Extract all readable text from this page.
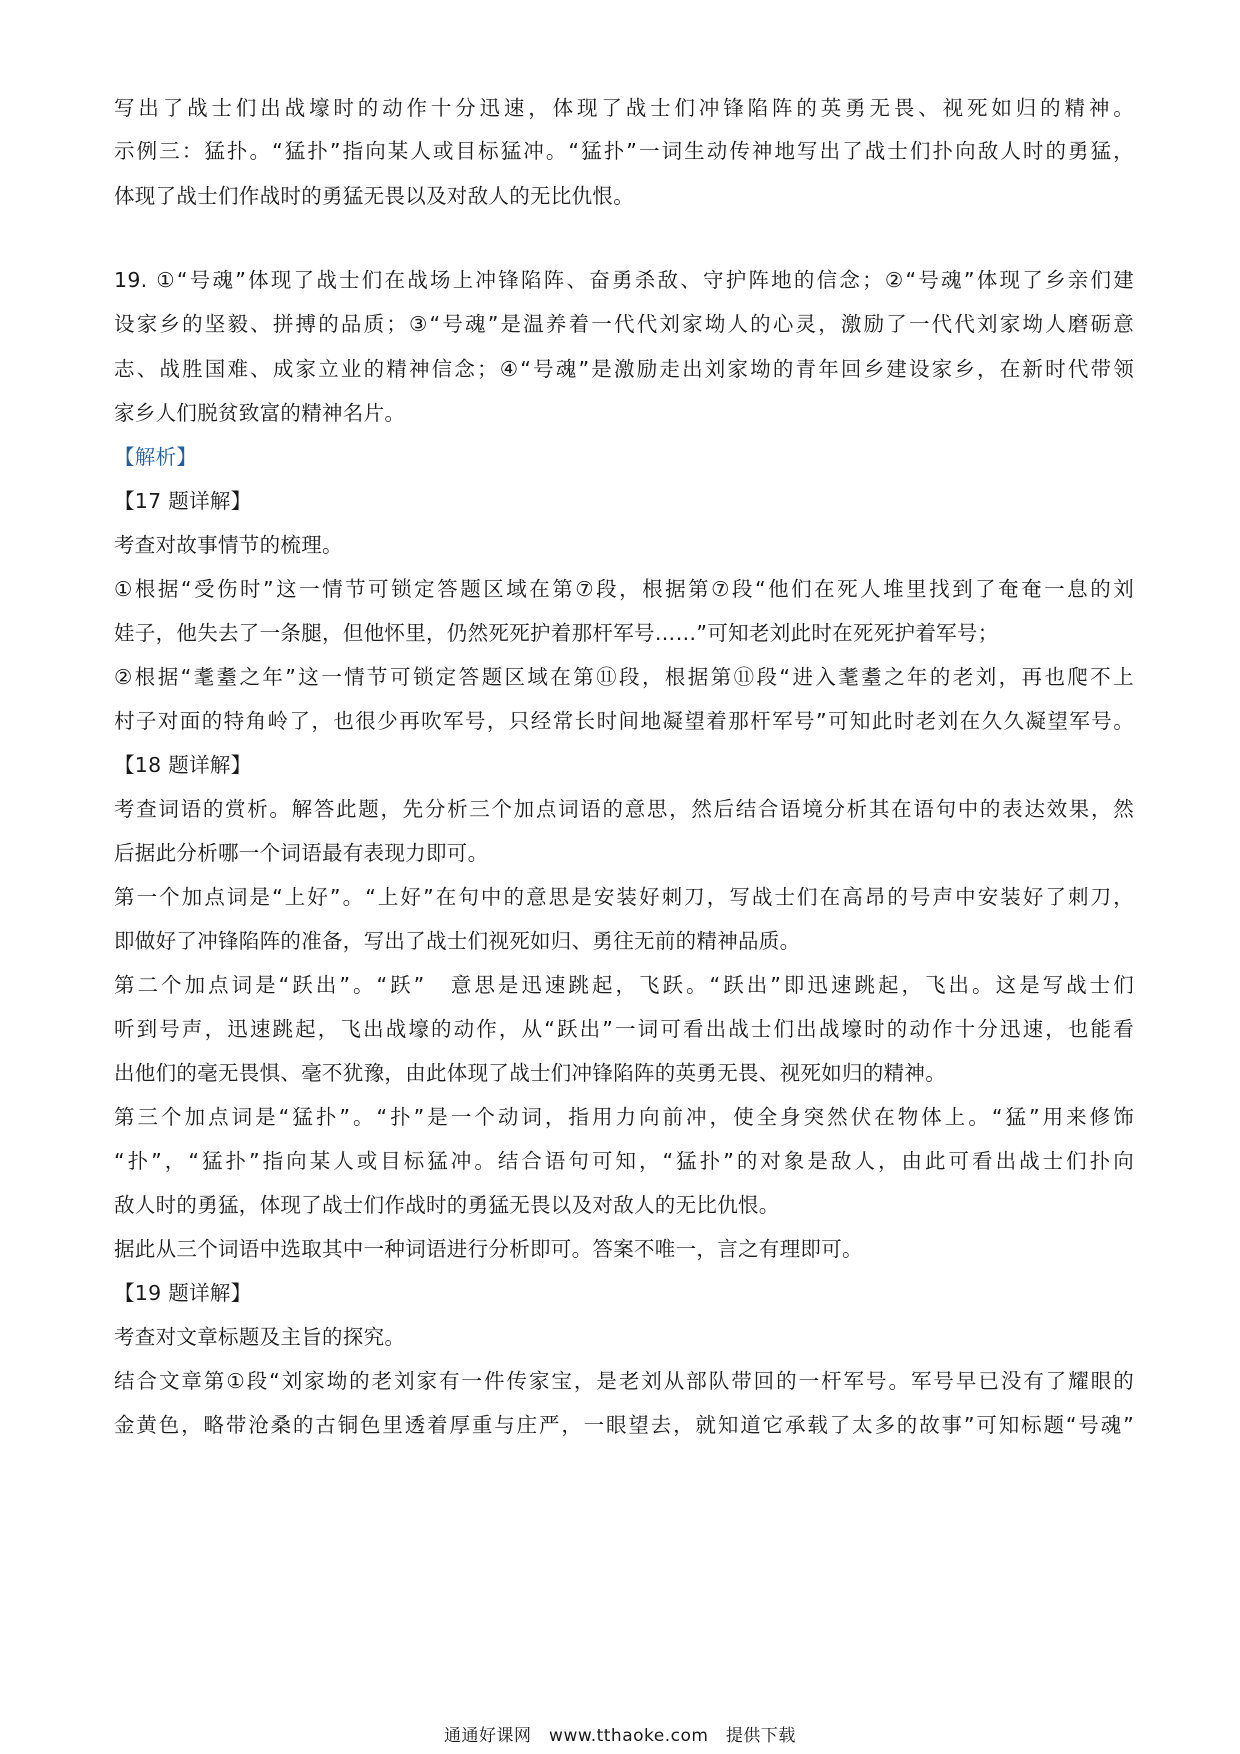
写出了战士们出战壕时的动作十分迅速，体现了战士们冲锋陷阵的英勇无畏、视死如归的精神。
示例三：猛扑。“猛扑”指向某人或目标猛冲。“猛扑”一词生动传神地写出了战士们扑向敌人时的勇猛，
体现了战士们作战时的勇猛无畏以及对敌人的无比仇恨。
19. ①“号魂”体现了战士们在战场上冲锋陷阵、奋勇杀敌、守护阵地的信念；②“号魂”体现了乡亲们建
设家乡的坚毅、拼搏的品质；③“号魂”是温养着一代代刘家坳人的心灵，激励了一代代刘家坳人磨砺意
志、战胜国难、成家立业的精神信念；④“号魂”是激励走出刘家坳的青年回乡建设家乡，在新时代带领
家乡人们脱贫致富的精神名片。
【解析】
【17 题详解】
考查对故事情节的梳理。
①根据“受伤时”这一情节可锁定答题区域在第⑦段，根据第⑦段“他们在死人堆里找到了奄奄一息的刘
娃子，他失去了一条腿，但他怀里，仍然死死护着那杆军号……”可知老刘此时在死死护着军号；
②根据“耄耋之年”这一情节可锁定答题区域在第⑪段，根据第⑪段“进入耄耋之年的老刘，再也爬不上
村子对面的特角岭了，也很少再吹军号，只经常长时间地凝望着那杆军号”可知此时老刘在久久凝望军号。
【18 题详解】
考查词语的赏析。解答此题，先分析三个加点词语的意思，然后结合语境分析其在语句中的表达效果，然
后据此分析哪一个词语最有表现力即可。
第一个加点词是“上好”。“上好”在句中的意思是安装好刺刀，写战士们在高昂的号声中安装好了刺刀，
即做好了冲锋陷阵的准备，写出了战士们视死如归、勇往无前的精神品质。
第二个加点词是“跃出”。“跃”　意思是迅速跳起，飞跃。“跃出”即迅速跳起，飞出。这是写战士们
听到号声，迅速跳起，飞出战壕的动作，从“跃出”一词可看出战士们出战壕时的动作十分迅速，也能看
出他们的毫无畏惧、毫不犹豫，由此体现了战士们冲锋陷阵的英勇无畏、视死如归的精神。
第三个加点词是“猛扑”。“扑”是一个动词，指用力向前冲，使全身突然伏在物体上。“猛”用来修饰
“扑”，“猛扑”指向某人或目标猛冲。结合语句可知，“猛扑”的对象是敌人，由此可看出战士们扑向
敌人时的勇猛，体现了战士们作战时的勇猛无畏以及对敌人的无比仇恨。
据此从三个词语中选取其中一种词语进行分析即可。答案不唯一，言之有理即可。
【19 题详解】
考查对文章标题及主旨的探究。
结合文章第①段“刘家坳的老刘家有一件传家宝，是老刘从部队带回的一杆军号。军号早已没有了耀眼的
金黄色，略带沧桑的古铜色里透着厚重与庄严，一眼望去，就知道它承载了太多的故事”可知标题“号魂”
通通好课网　www.tthaoke.com　提供下载
